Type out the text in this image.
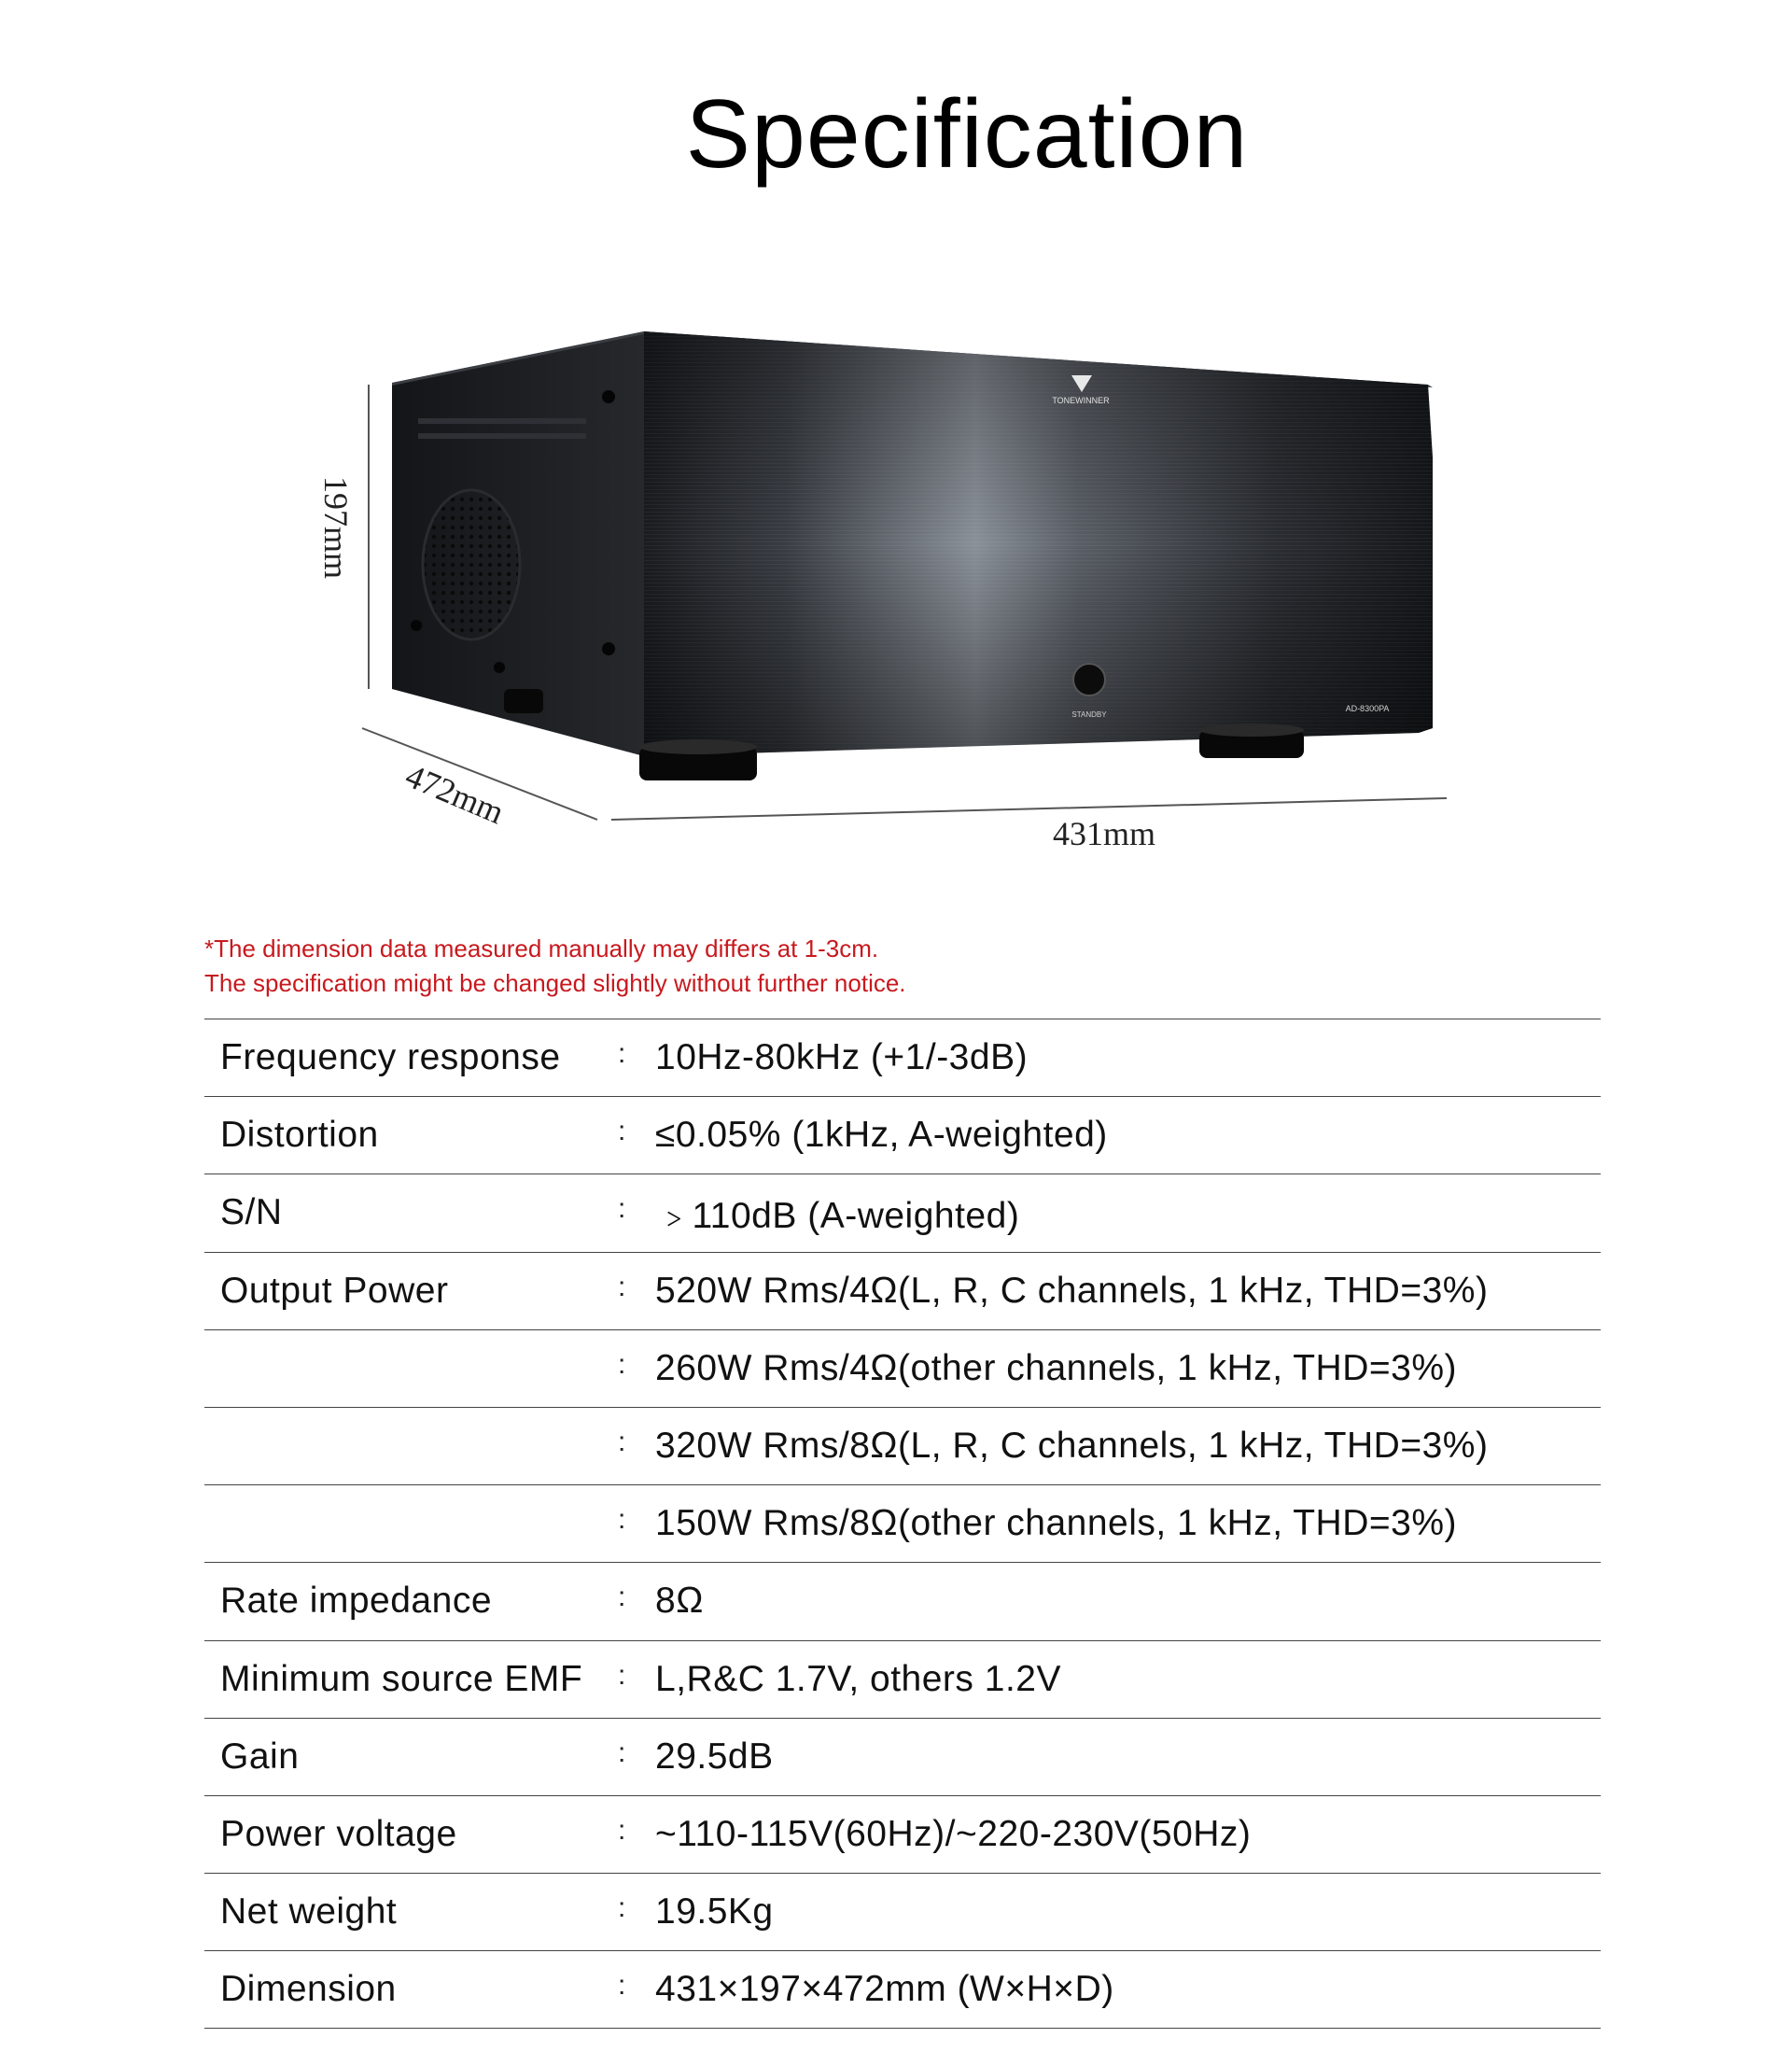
Specification
TONEWINNER
STANDBY
AD-8300PA
197mm
472mm
431mm
*The dimension data measured manually may differs at 1-3cm.
The specification might be changed slightly without further notice.
Frequency response : 10Hz-80kHz (+1/-3dB)
Distortion	: ≤0.05% (1kHz, A-weighted)
S/N	: ﹥110dB (A-weighted)
Output Power	: 520W Rms/4Ω(L, R, C channels, 1 kHz, THD=3%)
: 260W Rms/4Ω(other channels, 1 kHz, THD=3%)
: 320W Rms/8Ω(L, R, C channels, 1 kHz, THD=3%)
: 150W Rms/8Ω(other channels, 1 kHz, THD=3%)
Rate impedance	: 8Ω
Minimum source EMF : L,R&C 1.7V, others 1.2V
Gain	: 29.5dB
Power voltage	: ~110-115V(60Hz)/~220-230V(50Hz)
Net weight	: 19.5Kg
Dimension	: 431×197×472mm (W×H×D)
